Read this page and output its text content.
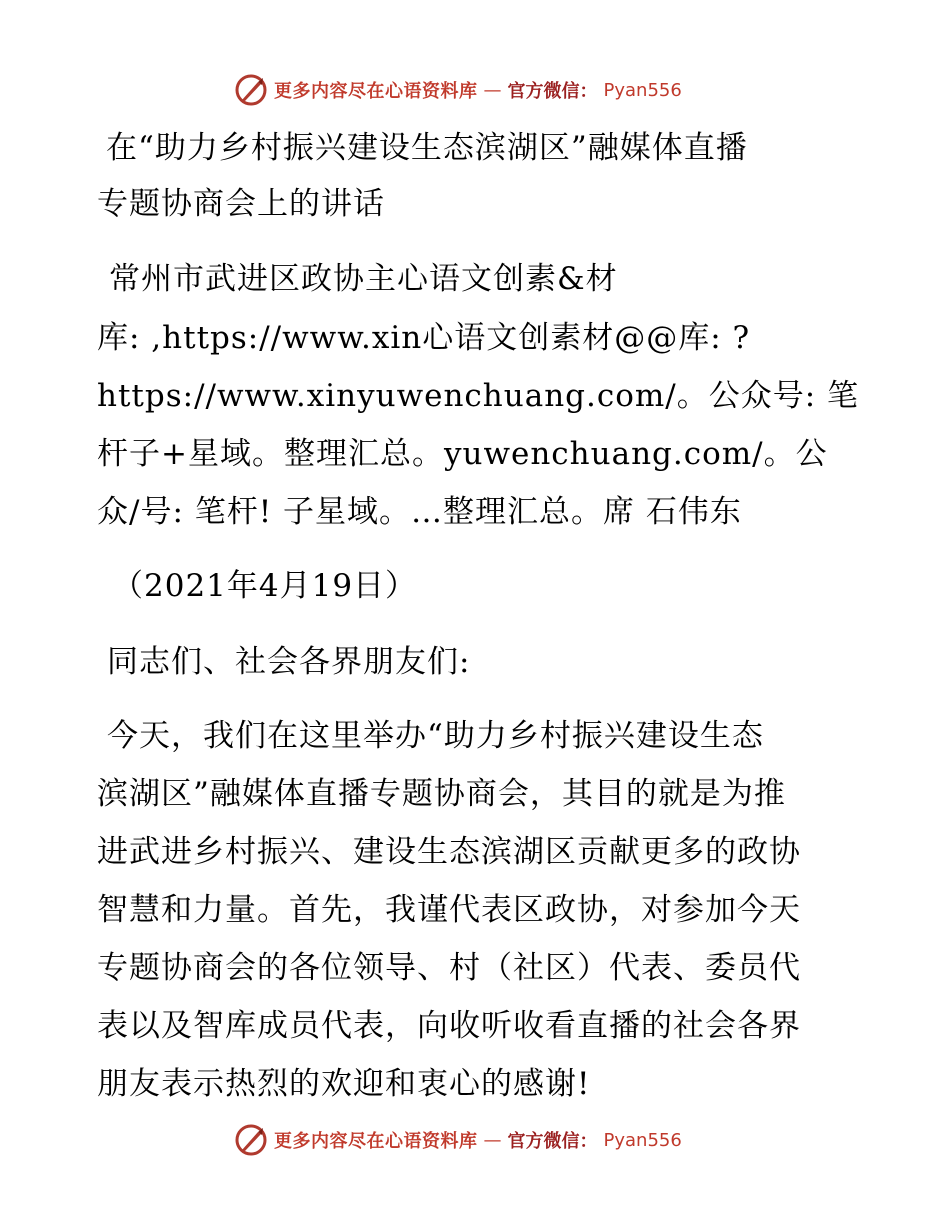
更多内容尽在心语资料库 — 官方微信： Pyan556
在“助力乡村振兴建设生态滨湖区”融媒体直播
专题协商会上的讲话
常州市武进区政协主心语文创素&材
库: ,https://www.xin心语文创素材@@库: ?
https://www.xinyuwenchuang.com/。公众号: 笔
杆子+星域。整理汇总。yuwenchuang.com/。公
众/号: 笔杆! 子星域。…整理汇总。席 石伟东
（2021年4月19日）
同志们、社会各界朋友们:
今天，我们在这里举办“助力乡村振兴建设生态
滨湖区”融媒体直播专题协商会，其目的就是为推
进武进乡村振兴、建设生态滨湖区贡献更多的政协
智慧和力量。首先，我谨代表区政协，对参加今天
专题协商会的各位领导、村（社区）代表、委员代
表以及智库成员代表，向收听收看直播的社会各界
朋友表示热烈的欢迎和衷心的感谢!
更多内容尽在心语资料库 — 官方微信： Pyan556
